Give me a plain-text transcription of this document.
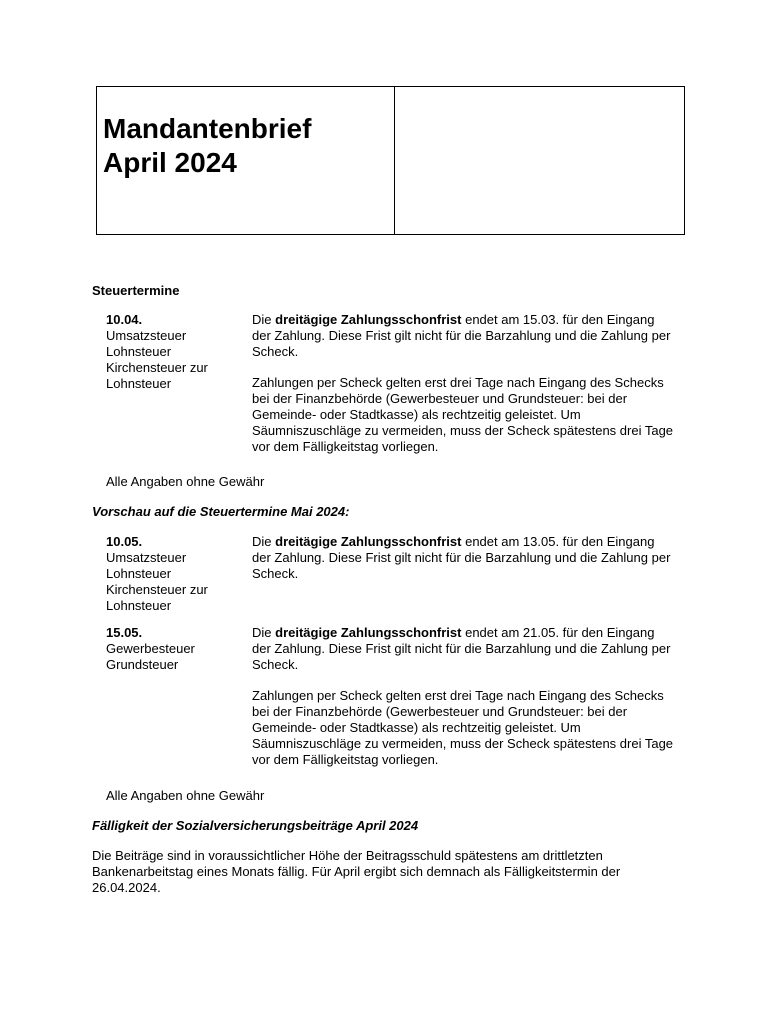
Mandantenbrief
April 2024
Steuertermine
10.04.
Umsatzsteuer
Lohnsteuer
Kirchensteuer zur
Lohnsteuer

Die dreitägige Zahlungsschonfrist endet am 15.03. für den Eingang der Zahlung. Diese Frist gilt nicht für die Barzahlung und die Zahlung per Scheck.

Zahlungen per Scheck gelten erst drei Tage nach Eingang des Schecks bei der Finanzbehörde (Gewerbesteuer und Grundsteuer: bei der Gemeinde- oder Stadtkasse) als rechtzeitig geleistet. Um Säumniszuschläge zu vermeiden, muss der Scheck spätestens drei Tage vor dem Fälligkeitstag vorliegen.

Alle Angaben ohne Gewähr
Vorschau auf die Steuertermine Mai 2024:
10.05.
Umsatzsteuer
Lohnsteuer
Kirchensteuer zur
Lohnsteuer

Die dreitägige Zahlungsschonfrist endet am 13.05. für den Eingang der Zahlung. Diese Frist gilt nicht für die Barzahlung und die Zahlung per Scheck.

15.05.
Gewerbesteuer
Grundsteuer

Die dreitägige Zahlungsschonfrist endet am 21.05. für den Eingang der Zahlung. Diese Frist gilt nicht für die Barzahlung und die Zahlung per Scheck.

Zahlungen per Scheck gelten erst drei Tage nach Eingang des Schecks bei der Finanzbehörde (Gewerbesteuer und Grundsteuer: bei der Gemeinde- oder Stadtkasse) als rechtzeitig geleistet. Um Säumniszuschläge zu vermeiden, muss der Scheck spätestens drei Tage vor dem Fälligkeitstag vorliegen.

Alle Angaben ohne Gewähr
Fälligkeit der Sozialversicherungsbeiträge April 2024

Die Beiträge sind in voraussichtlicher Höhe der Beitragsschuld spätestens am drittletzten Bankenarbeitstag eines Monats fällig. Für April ergibt sich demnach als Fälligkeitstermin der 26.04.2024.
